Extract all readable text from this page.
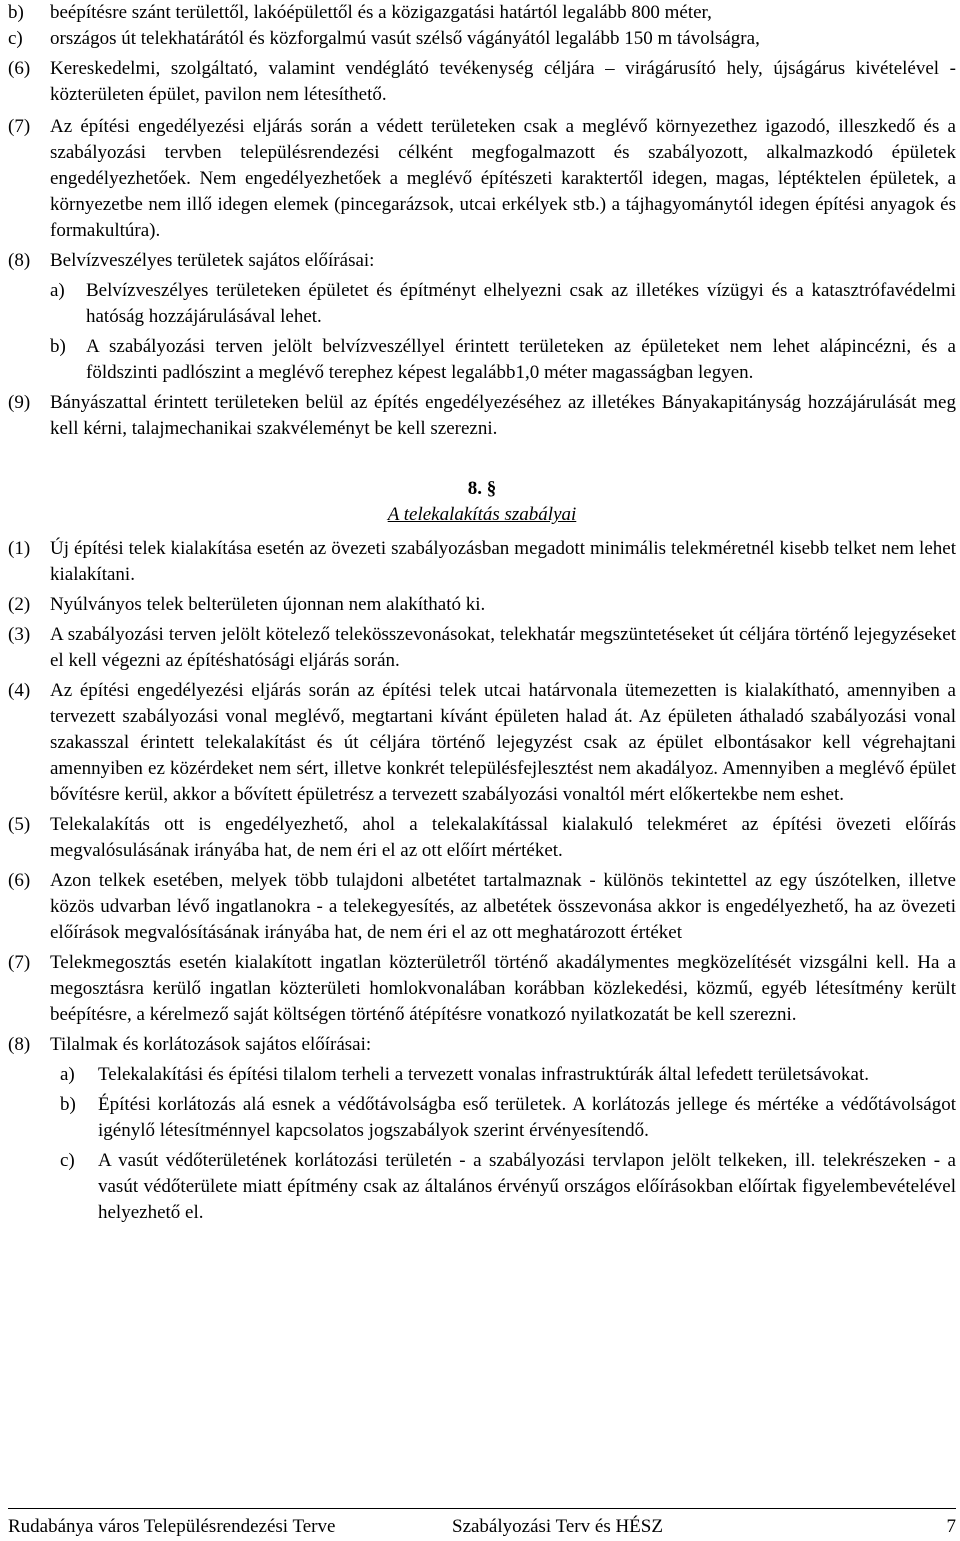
b) beépítésre szánt területtől, lakóépülettől és a közigazgatási határtól legalább 800 méter,
c) országos út telekhatárától és közforgalmú vasút szélső vágányától legalább 150 m távolságra,
(6) Kereskedelmi, szolgáltató, valamint vendéglátó tevékenység céljára – virágárusító hely, újságárus kivételével - közterületen épület, pavilon nem létesíthető.
(7) Az építési engedélyezési eljárás során a védett területeken csak a meglévő környezethez igazodó, illeszkedő és a szabályozási tervben településrendezési célként megfogalmazott és szabályozott, alkalmazkodó épületek engedélyezhetőek. Nem engedélyezhetőek a meglévő építészeti karaktertől idegen, magas, léptéktelen épületek, a környezetbe nem illő idegen elemek (pincegarázsok, utcai erkélyek stb.) a tájhagyománytól idegen építési anyagok és formakultúra).
(8) Belvízveszélyes területek sajátos előírásai:
a) Belvízveszélyes területeken épületet és építményt elhelyezni csak az illetékes vízügyi és a katasztrófavédelmi hatóság hozzájárulásával lehet.
b) A szabályozási terven jelölt belvízveszéllyel érintett területeken az épületeket nem lehet alápincézni, és a földszinti padlószint a meglévő terephez képest legalább1,0 méter magasságban legyen.
(9) Bányászattal érintett területeken belül az építés engedélyezéséhez az illetékes Bányakapitányság hozzájárulását meg kell kérni, talajmechanikai szakvéleményt be kell szerezni.
8. §
A telekalakítás szabályai
(1) Új építési telek kialakítása esetén az övezeti szabályozásban megadott minimális telekméretnél kisebb telket nem lehet kialakítani.
(2) Nyúlványos telek belterületen újonnan nem alakítható ki.
(3) A szabályozási terven jelölt kötelező telekösszevonásokat, telekhatár megszüntetéseket út céljára történő lejegyzéseket el kell végezni az építéshatósági eljárás során.
(4) Az építési engedélyezési eljárás során az építési telek utcai határvonala ütemezetten is kialakítható, amennyiben a tervezett szabályozási vonal meglévő, megtartani kívánt épületen halad át. Az épületen áthaladó szabályozási vonal szakasszal érintett telekalakítást és út céljára történő lejegyzést csak az épület elbontásakor kell végrehajtani amennyiben ez közérdeket nem sért, illetve konkrét településfejlesztést nem akadályoz. Amennyiben a meglévő épület bővítésre kerül, akkor a bővített épületrész a tervezett szabályozási vonaltól mért előkertekbe nem eshet.
(5) Telekalakítás ott is engedélyezhető, ahol a telekalakítással kialakuló telekméret az építési övezeti előírás megvalósulásának irányába hat, de nem éri el az ott előírt mértéket.
(6) Azon telkek esetében, melyek több tulajdoni albetétet tartalmaznak - különös tekintettel az egy úszótelken, illetve közös udvarban lévő ingatlanokra - a telekegyesítés, az albetétek összevonása akkor is engedélyezhető, ha az övezeti előírások megvalósításának irányába hat, de nem éri el az ott meghatározott értéket
(7) Telekmegosztás esetén kialakított ingatlan közterületről történő akadálymentes megközelítését vizsgálni kell. Ha a megosztásra kerülő ingatlan közterületi homlokvonalában korábban közlekedési, közmű, egyéb létesítmény került beépítésre, a kérelmező saját költségen történő átépítésre vonatkozó nyilatkozatát be kell szerezni.
(8) Tilalmak és korlátozások sajátos előírásai:
a) Telekalakítási és építési tilalom terheli a tervezett vonalas infrastruktúrák által lefedett területsávokat.
b) Építési korlátozás alá esnek a védőtávolságba eső területek. A korlátozás jellege és mértéke a védőtávolságot igénylő létesítménnyel kapcsolatos jogszabályok szerint érvényesítendő.
c) A vasút védőterületének korlátozási területén - a szabályozási tervlapon jelölt telkeken, ill. telekrészeken - a vasút védőterülete miatt építmény csak az általános érvényű országos előírásokban előírtak figyelembevételével helyezhető el.
Rudabánya város Településrendezési Terve	Szabályozási Terv és HÉSZ	7
